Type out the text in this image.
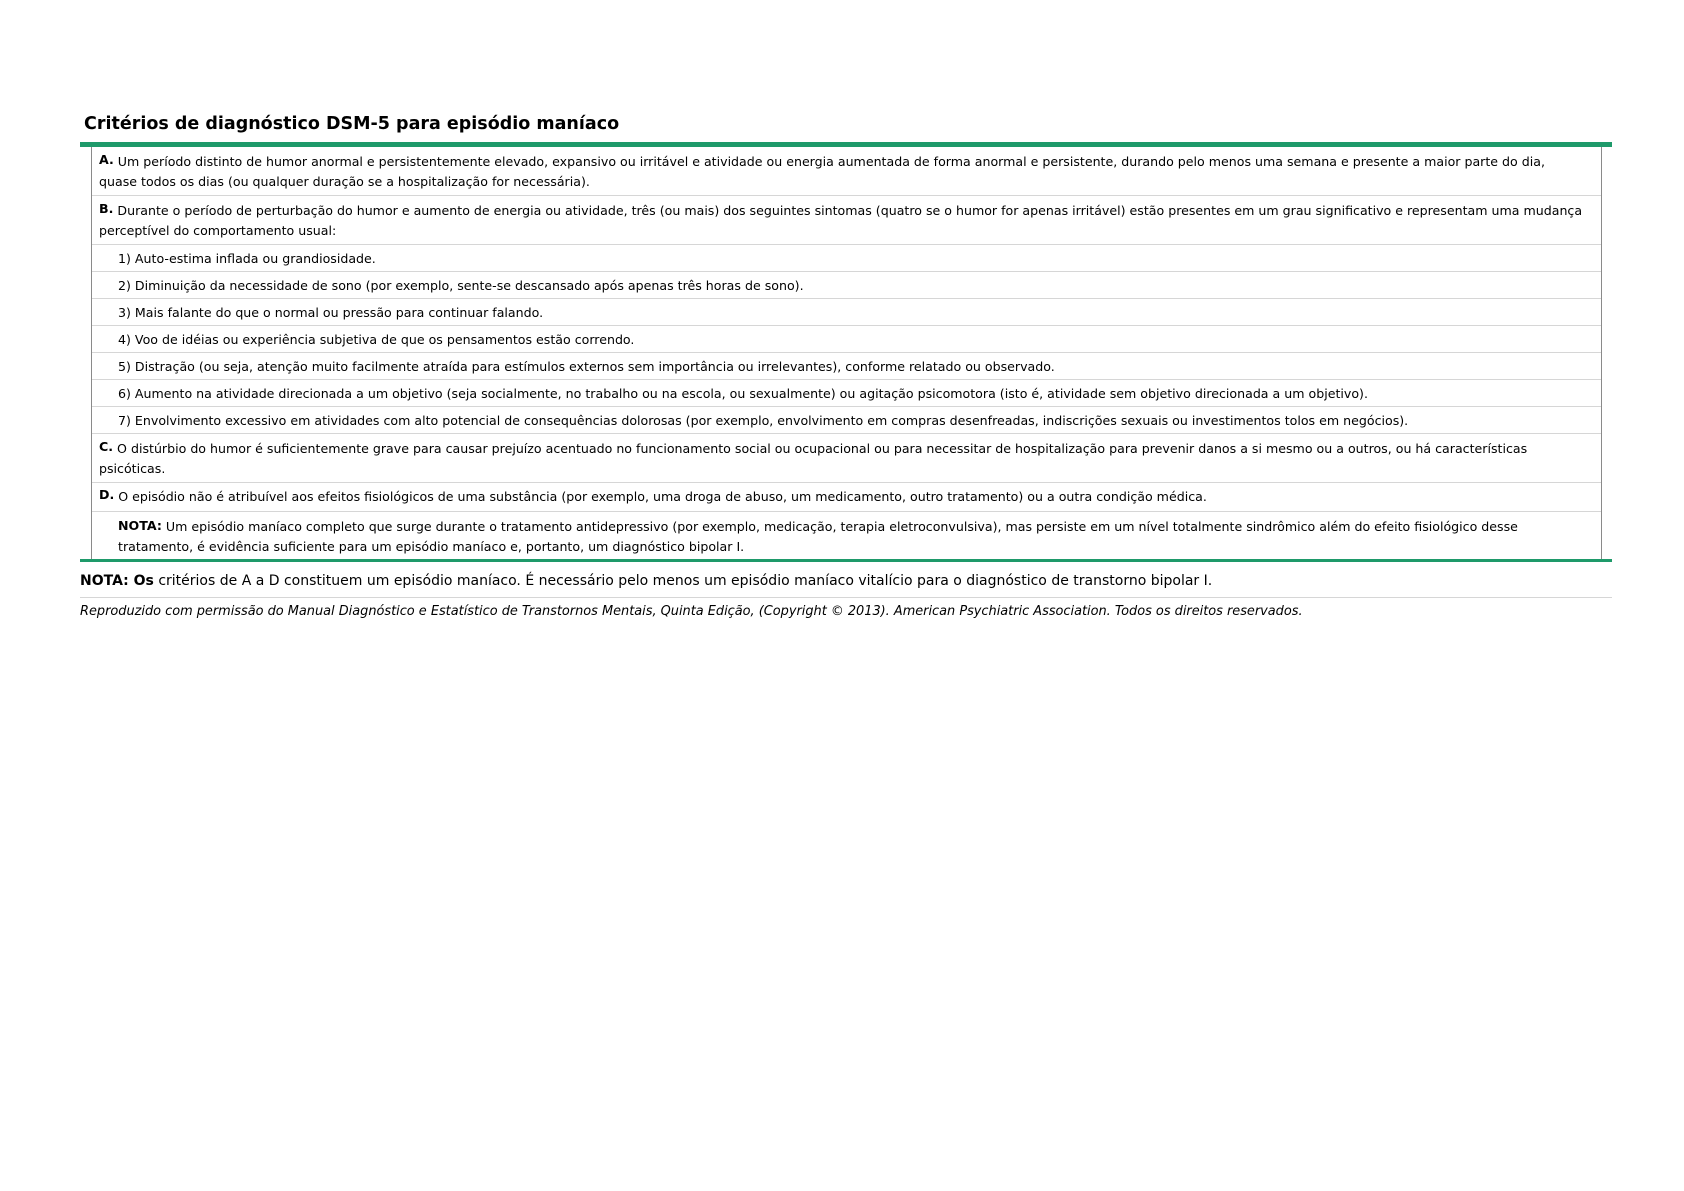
Critérios de diagnóstico DSM-5 para episódio maníaco
A. Um período distinto de humor anormal e persistentemente elevado, expansivo ou irritável e atividade ou energia aumentada de forma anormal e persistente, durando pelo menos uma semana e presente a maior parte do dia, quase todos os dias (ou qualquer duração se a hospitalização for necessária).
B. Durante o período de perturbação do humor e aumento de energia ou atividade, três (ou mais) dos seguintes sintomas (quatro se o humor for apenas irritável) estão presentes em um grau significativo e representam uma mudança perceptível do comportamento usual:
1) Auto-estima inflada ou grandiosidade.
2) Diminuição da necessidade de sono (por exemplo, sente-se descansado após apenas três horas de sono).
3) Mais falante do que o normal ou pressão para continuar falando.
4) Voo de idéias ou experiência subjetiva de que os pensamentos estão correndo.
5) Distração (ou seja, atenção muito facilmente atraída para estímulos externos sem importância ou irrelevantes), conforme relatado ou observado.
6) Aumento na atividade direcionada a um objetivo (seja socialmente, no trabalho ou na escola, ou sexualmente) ou agitação psicomotora (isto é, atividade sem objetivo direcionada a um objetivo).
7) Envolvimento excessivo em atividades com alto potencial de consequências dolorosas (por exemplo, envolvimento em compras desenfreadas, indiscrições sexuais ou investimentos tolos em negócios).
C. O distúrbio do humor é suficientemente grave para causar prejuízo acentuado no funcionamento social ou ocupacional ou para necessitar de hospitalização para prevenir danos a si mesmo ou a outros, ou há características psicóticas.
D. O episódio não é atribuível aos efeitos fisiológicos de uma substância (por exemplo, uma droga de abuso, um medicamento, outro tratamento) ou a outra condição médica.
NOTA: Um episódio maníaco completo que surge durante o tratamento antidepressivo (por exemplo, medicação, terapia eletroconvulsiva), mas persiste em um nível totalmente sindrômico além do efeito fisiológico desse tratamento, é evidência suficiente para um episódio maníaco e, portanto, um diagnóstico bipolar I.
NOTA: Os critérios de A a D constituem um episódio maníaco. É necessário pelo menos um episódio maníaco vitalício para o diagnóstico de transtorno bipolar I.
Reproduzido com permissão do Manual Diagnóstico e Estatístico de Transtornos Mentais, Quinta Edição, (Copyright © 2013). American Psychiatric Association. Todos os direitos reservados.
